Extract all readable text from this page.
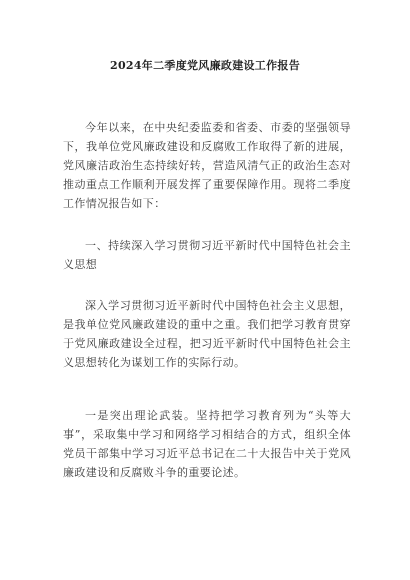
2024年二季度党风廉政建设工作报告

今年以来，在中央纪委监委和省委、市委的坚强领导下，我单位党风廉政建设和反腐败工作取得了新的进展，党风廉洁政治生态持续好转，营造风清气正的政治生态对推动重点工作顺利开展发挥了重要保障作用。现将二季度工作情况报告如下：

一、持续深入学习贯彻习近平新时代中国特色社会主义思想

深入学习贯彻习近平新时代中国特色社会主义思想，是我单位党风廉政建设的重中之重。我们把学习教育贯穿于党风廉政建设全过程，把习近平新时代中国特色社会主义思想转化为谋划工作的实际行动。

一是突出理论武装。坚持把学习教育列为“头等大事”，采取集中学习和网络学习相结合的方式，组织全体党员干部集中学习习近平总书记在二十大报告中关于党风廉政建设和反腐败斗争的重要论述。
